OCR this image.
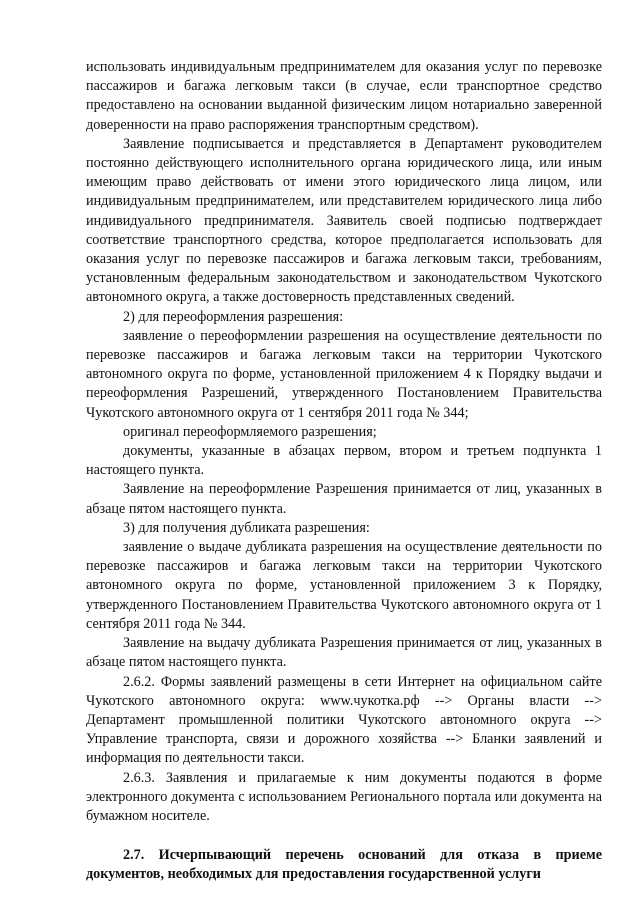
использовать индивидуальным предпринимателем для оказания услуг по перевозке пассажиров и багажа легковым такси (в случае, если транспортное средство предоставлено на основании выданной физическим лицом нотариально заверенной доверенности на право распоряжения транспортным средством).

Заявление подписывается и представляется в Департамент руководителем постоянно действующего исполнительного органа юридического лица, или иным имеющим право действовать от имени этого юридического лица лицом, или индивидуальным предпринимателем, или представителем юридического лица либо индивидуального предпринимателя. Заявитель своей подписью подтверждает соответствие транспортного средства, которое предполагается использовать для оказания услуг по перевозке пассажиров и багажа легковым такси, требованиям, установленным федеральным законодательством и законодательством Чукотского автономного округа, а также достоверность представленных сведений.

2) для переоформления разрешения:

заявление о переоформлении разрешения на осуществление деятельности по перевозке пассажиров и багажа легковым такси на территории Чукотского автономного округа по форме, установленной приложением 4 к Порядку выдачи и переоформления Разрешений, утвержденного Постановлением Правительства Чукотского автономного округа от 1 сентября 2011 года № 344;

оригинал переоформляемого разрешения;

документы, указанные в абзацах первом, втором и третьем подпункта 1 настоящего пункта.

Заявление на переоформление Разрешения принимается от лиц, указанных в абзаце пятом настоящего пункта.

3) для получения дубликата разрешения:

заявление о выдаче дубликата разрешения на осуществление деятельности по перевозке пассажиров и багажа легковым такси на территории Чукотского автономного округа по форме, установленной приложением 3 к Порядку, утвержденного Постановлением Правительства Чукотского автономного округа от 1 сентября 2011 года № 344.

Заявление на выдачу дубликата Разрешения принимается от лиц, указанных в абзаце пятом настоящего пункта.

2.6.2. Формы заявлений размещены в сети Интернет на официальном сайте Чукотского автономного округа: www.чукотка.рф --> Органы власти --> Департамент промышленной политики Чукотского автономного округа --> Управление транспорта, связи и дорожного хозяйства --> Бланки заявлений и информация по деятельности такси.

2.6.3. Заявления и прилагаемые к ним документы подаются в форме электронного документа с использованием Регионального портала или документа на бумажном носителе.

2.7. Исчерпывающий перечень оснований для отказа в приеме документов, необходимых для предоставления государственной услуги
